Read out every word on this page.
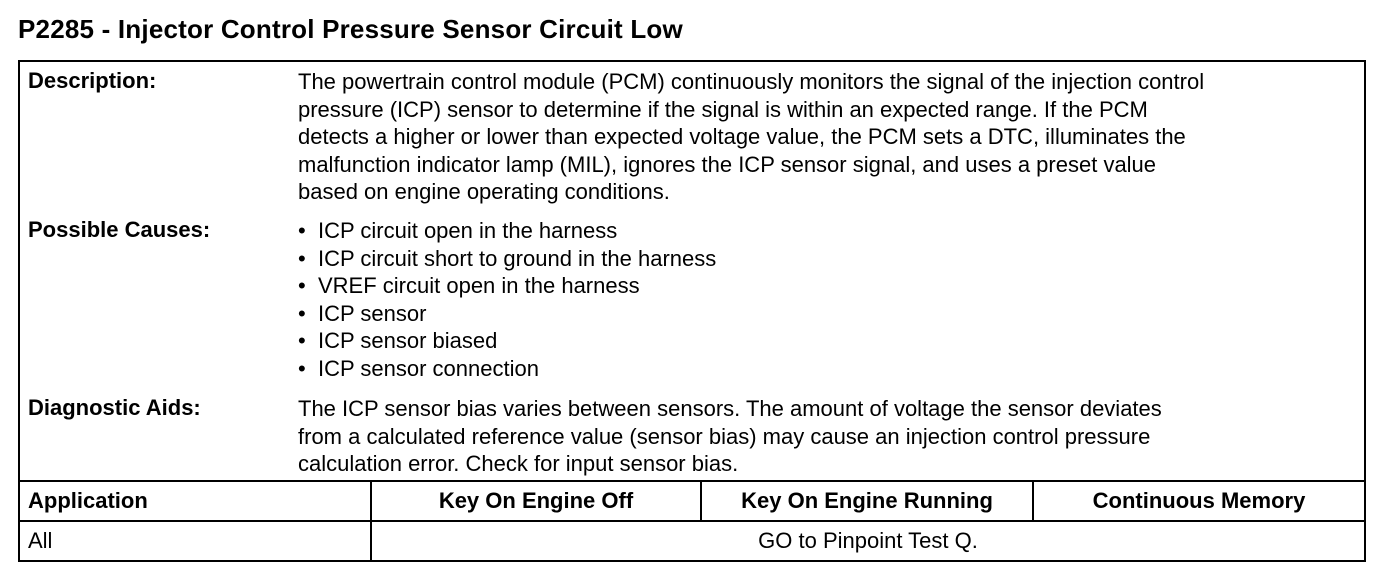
P2285 - Injector Control Pressure Sensor Circuit Low
Description:	The powertrain control module (PCM) continuously monitors the signal of the injection control
pressure (ICP) sensor to determine if the signal is within an expected range. If the PCM
detects a higher or lower than expected voltage value, the PCM sets a DTC, illuminates the
malfunction indicator lamp (MIL), ignores the ICP sensor signal, and uses a preset value
based on engine operating conditions.
Possible Causes:	• ICP circuit open in the harness
• ICP circuit short to ground in the harness
• VREF circuit open in the harness
• ICP sensor
• ICP sensor biased
• ICP sensor connection
Diagnostic Aids:	The ICP sensor bias varies between sensors. The amount of voltage the sensor deviates
from a calculated reference value (sensor bias) may cause an injection control pressure
calculation error. Check for input sensor bias.
Application	Key On Engine Off	Key On Engine Running	Continuous Memory
All	GO to Pinpoint Test Q.
